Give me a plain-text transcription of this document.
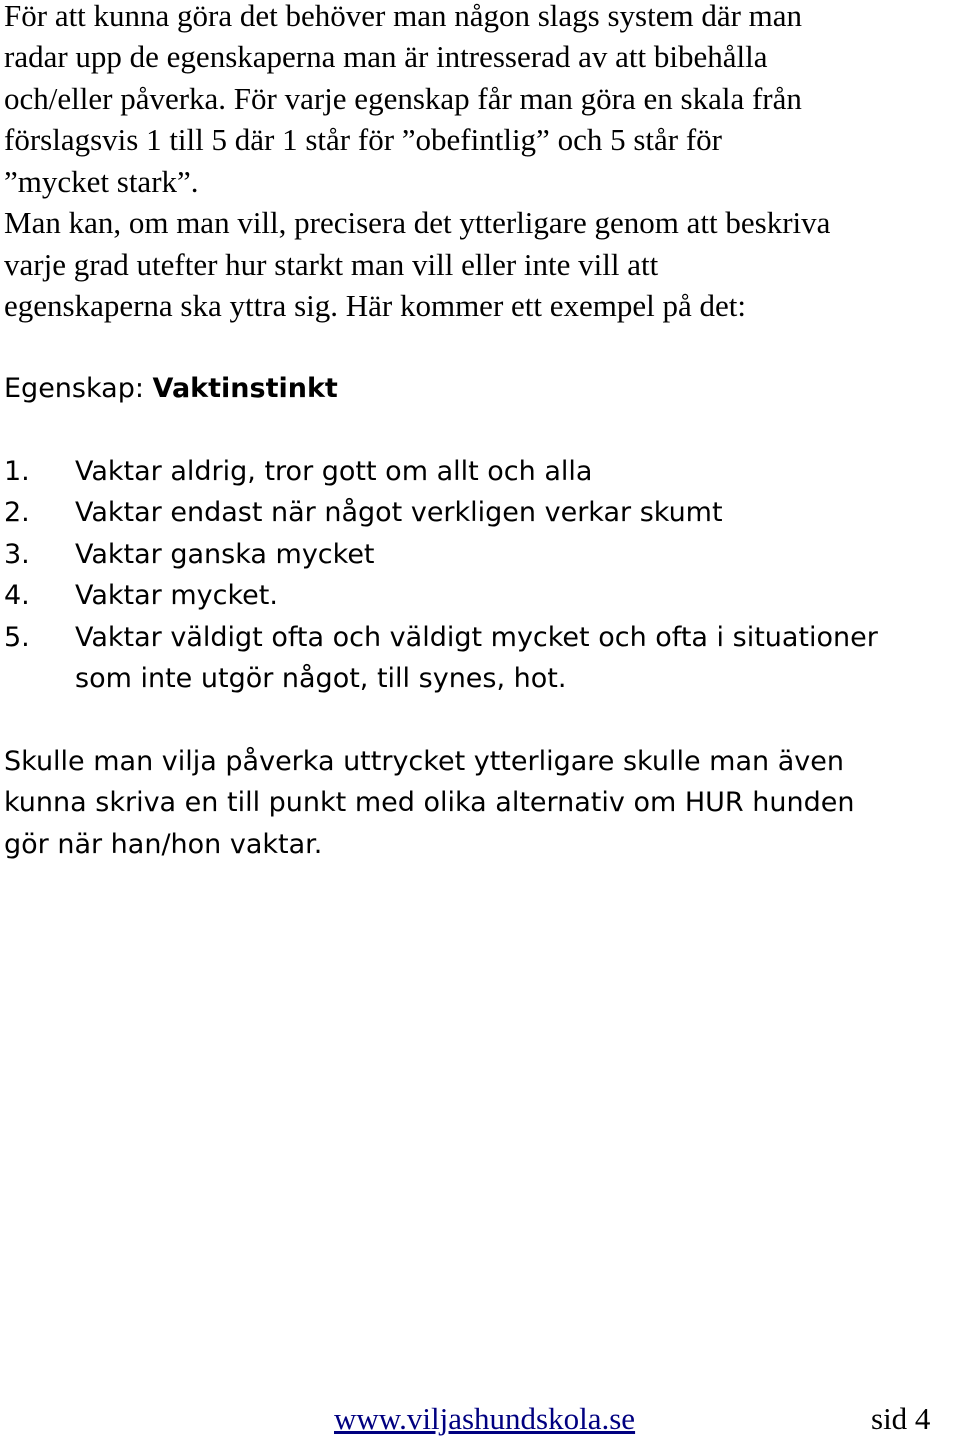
För att kunna göra det behöver man någon slags system där man
radar upp de egenskaperna man är intresserad av att bibehålla
och/eller påverka. För varje egenskap får man göra en skala från
förslagsvis 1 till 5 där 1 står för ”obefintlig” och 5 står för
”mycket stark”.
Man kan, om man vill, precisera det ytterligare genom att beskriva
varje grad utefter hur starkt man vill eller inte vill att
egenskaperna ska yttra sig. Här kommer ett exempel på det:
Egenskap: Vaktinstinkt
1. Vaktar aldrig, tror gott om allt och alla
2. Vaktar endast när något verkligen verkar skumt
3. Vaktar ganska mycket
4. Vaktar mycket.
5. Vaktar väldigt ofta och väldigt mycket och ofta i situationer
som inte utgör något, till synes, hot.
Skulle man vilja påverka uttrycket ytterligare skulle man även
kunna skriva en till punkt med olika alternativ om HUR hunden
gör när han/hon vaktar.
www.viljashundskola.se	sid 4
